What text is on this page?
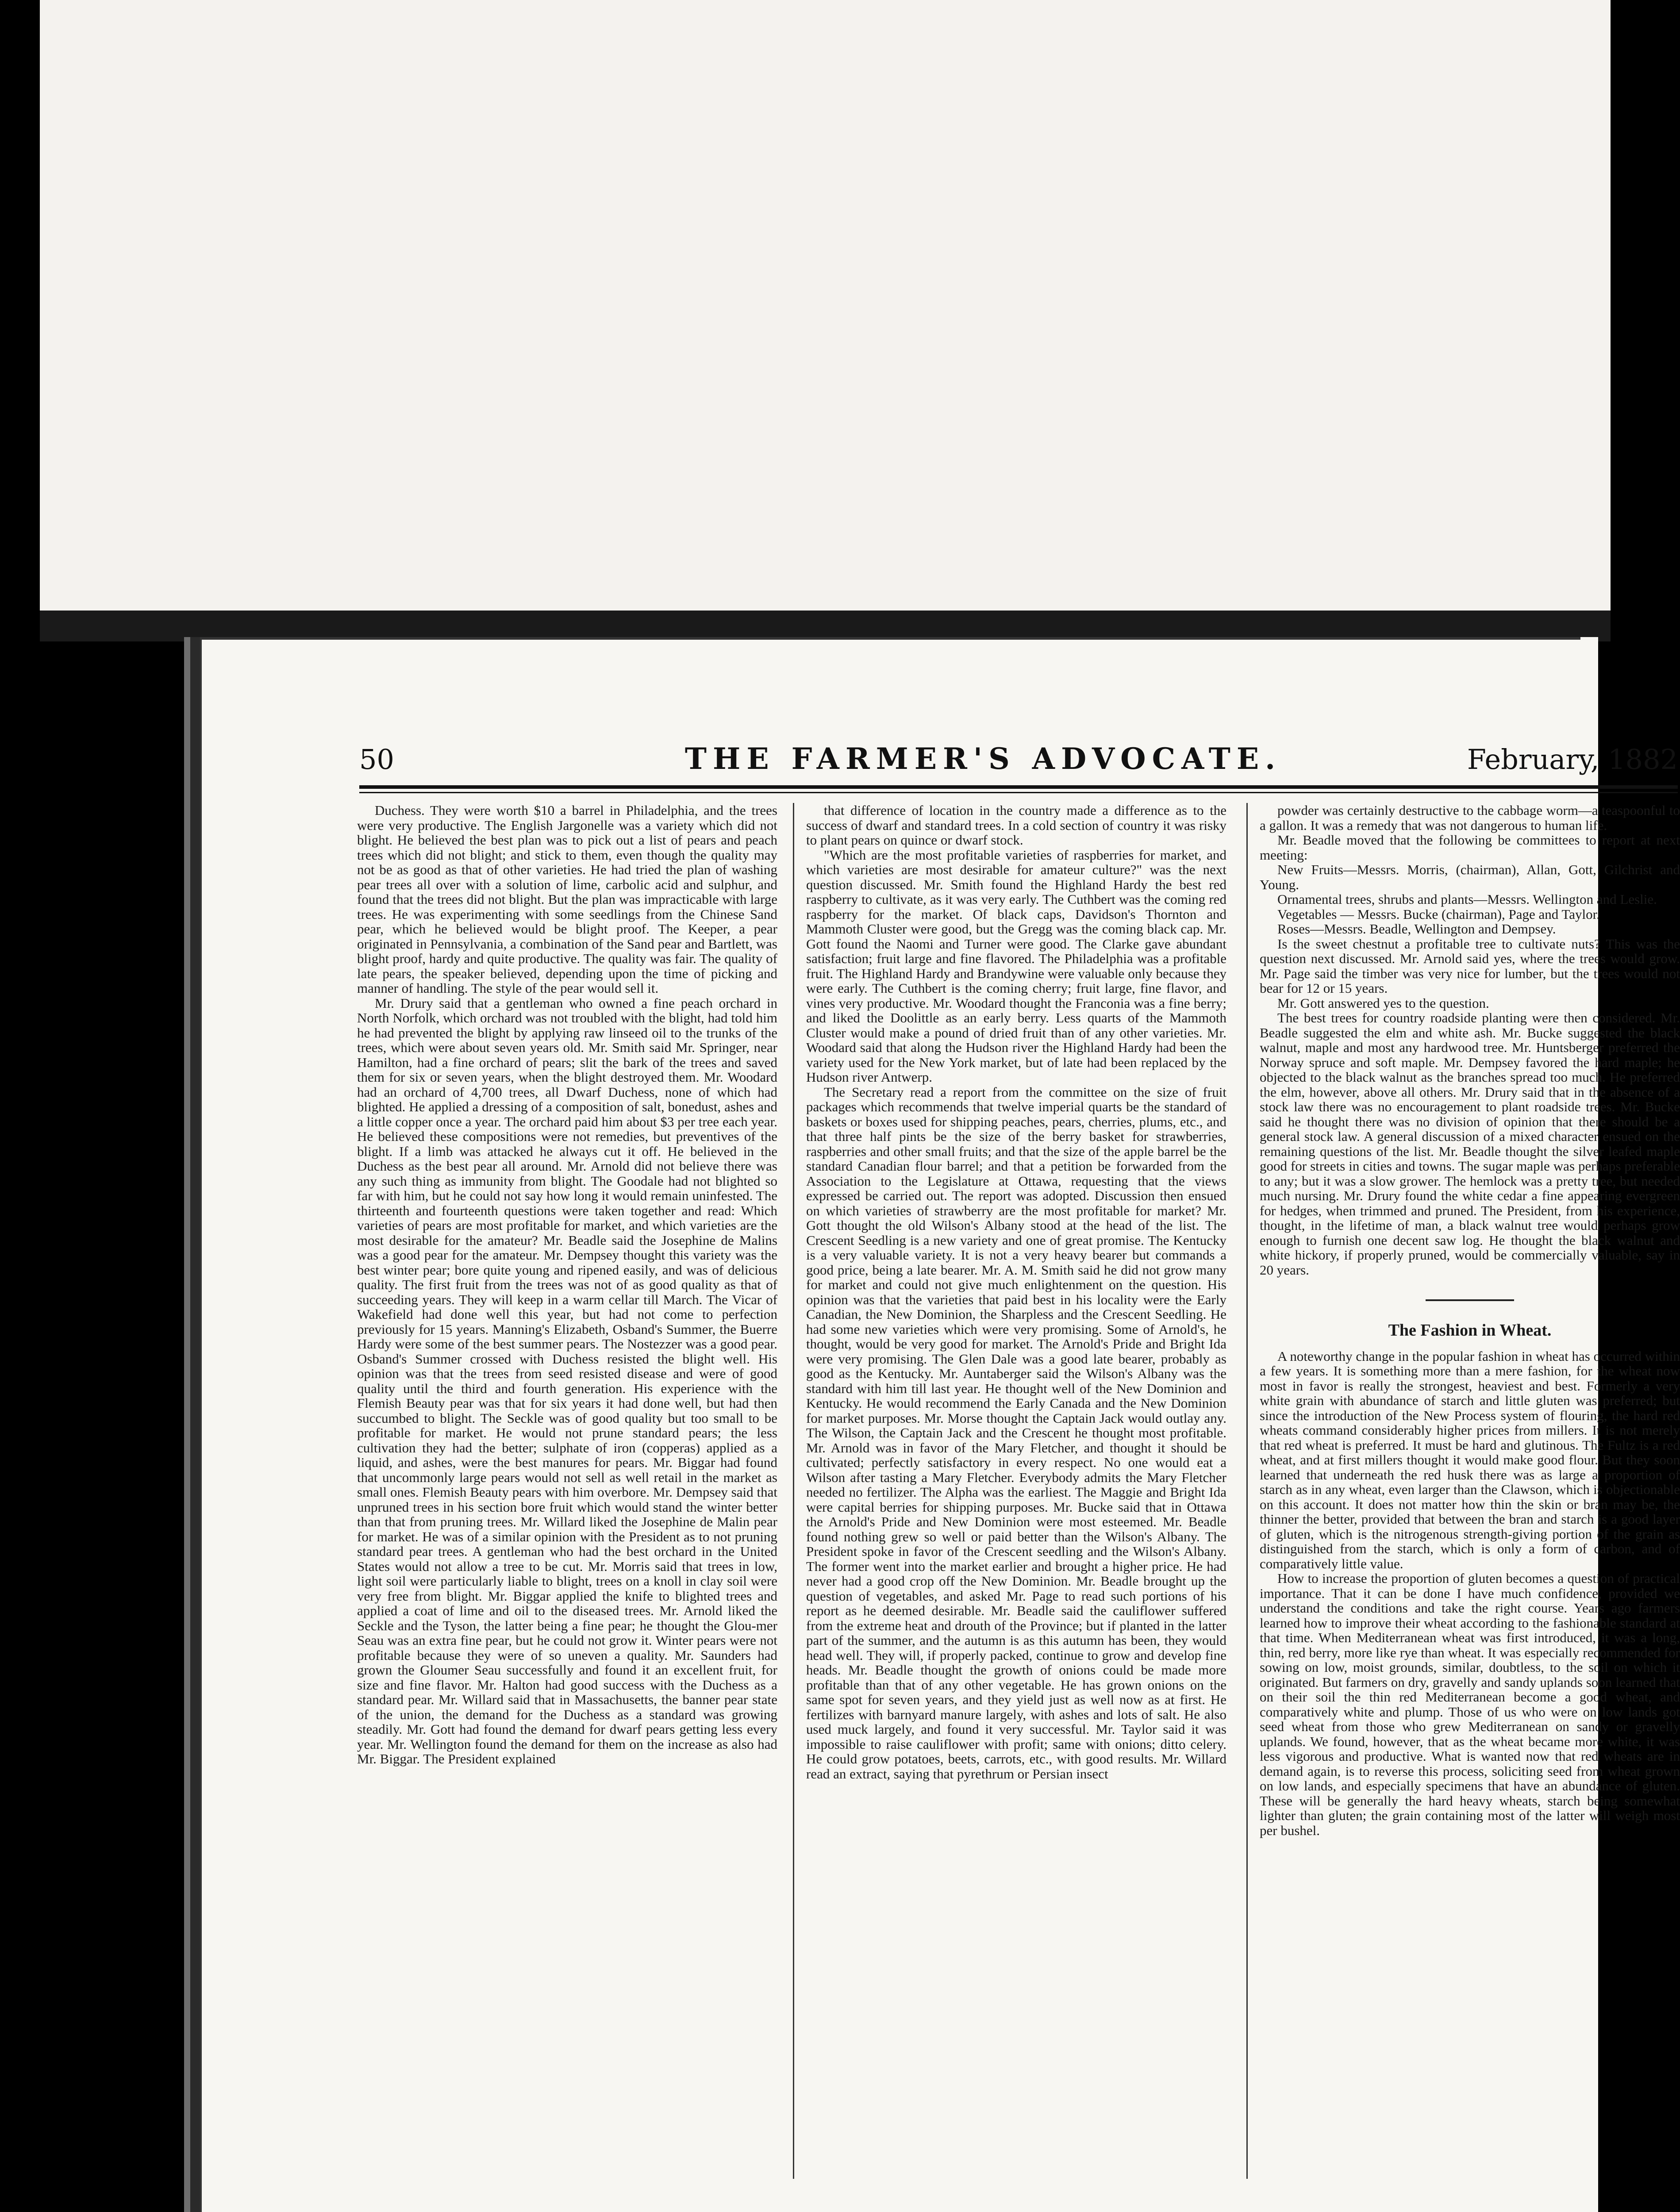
50	THE FARMER'S ADVOCATE.	February, 1882

Duchess. They were worth $10 a barrel in Philadelphia, and the trees were very productive. The English Jargonelle was a variety which did not blight. He believed the best plan was to pick out a list of pears and peach trees which did not blight; and stick to them, even though the quality may not be as good as that of other varieties. He had tried the plan of washing pear trees all over with a solution of lime, carbolic acid and sulphur, and found that the trees did not blight. But the plan was impracticable with large trees. He was experimenting with some seedlings from the Chinese Sand pear, which he believed would be blight proof. The Keeper, a pear originated in Pennsylvania, a combination of the Sand pear and Bartlett, was blight proof, hardy and quite productive. The quality was fair. The quality of late pears, the speaker believed, depending upon the time of picking and manner of handling. The style of the pear would sell it.

Mr. Drury said that a gentleman who owned a fine peach orchard in North Norfolk, which orchard was not troubled with the blight, had told him he had prevented the blight by applying raw linseed oil to the trunks of the trees, which were about seven years old. Mr. Smith said Mr. Springer, near Hamilton, had a fine orchard of pears; slit the bark of the trees and saved them for six or seven years, when the blight destroyed them. Mr. Woodard had an orchard of 4,700 trees, all Dwarf Duchess, none of which had blighted. He applied a dressing of a composition of salt, bonedust, ashes and a little copper once a year. The orchard paid him about $3 per tree each year. He believed these compositions were not remedies, but preventives of the blight. If a limb was attacked he always cut it off. He believed in the Duchess as the best pear all around. Mr. Arnold did not believe there was any such thing as immunity from blight. The Goodale had not blighted so far with him, but he could not say how long it would remain uninfested. The thirteenth and fourteenth questions were taken together and read: Which varieties of pears are most profitable for market, and which varieties are the most desirable for the amateur? Mr. Beadle said the Josephine de Malins was a good pear for the amateur. Mr. Dempsey thought this variety was the best winter pear; bore quite young and ripened easily, and was of delicious quality. The first fruit from the trees was not of as good quality as that of succeeding years. They will keep in a warm cellar till March. The Vicar of Wakefield had done well this year, but had not come to perfection previously for 15 years. Manning's Elizabeth, Osband's Summer, the Buerre Hardy were some of the best summer pears. The Nostezzer was a good pear. Osband's Summer crossed with Duchess resisted the blight well. His opinion was that the trees from seed resisted disease and were of good quality until the third and fourth generation. His experience with the Flemish Beauty pear was that for six years it had done well, but had then succumbed to blight. The Seckle was of good quality but too small to be profitable for market. He would not prune standard pears; the less cultivation they had the better; sulphate of iron (copperas) applied as a liquid, and ashes, were the best manures for pears. Mr. Biggar had found that uncommonly large pears would not sell as well retail in the market as small ones. Flemish Beauty pears with him overbore. Mr. Dempsey said that unpruned trees in his section bore fruit which would stand the winter better than that from pruning trees. Mr. Willard liked the Josephine de Malin pear for market. He was of a similar opinion with the President as to not pruning standard pear trees. A gentleman who had the best orchard in the United States would not allow a tree to be cut. Mr. Morris said that trees in low, light soil were particularly liable to blight, trees on a knoll in clay soil were very free from blight. Mr. Biggar applied the knife to blighted trees and applied a coat of lime and oil to the diseased trees. Mr. Arnold liked the Seckle and the Tyson, the latter being a fine pear; he thought the Glou-mer Seau was an extra fine pear, but he could not grow it. Winter pears were not profitable because they were of so uneven a quality. Mr. Saunders had grown the Gloumer Seau successfully and found it an excellent fruit, for size and fine flavor. Mr. Halton had good success with the Duchess as a standard pear. Mr. Willard said that in Massachusetts, the banner pear state of the union, the demand for the Duchess as a standard was growing steadily. Mr. Gott had found the demand for dwarf pears getting less every year. Mr. Wellington found the demand for them on the increase as also had Mr. Biggar. The President explained

that difference of location in the country made a difference as to the success of dwarf and standard trees. In a cold section of country it was risky to plant pears on quince or dwarf stock.

"Which are the most profitable varieties of raspberries for market, and which varieties are most desirable for amateur culture?" was the next question discussed. Mr. Smith found the Highland Hardy the best red raspberry to cultivate, as it was very early. The Cuthbert was the coming red raspberry for the market. Of black caps, Davidson's Thornton and Mammoth Cluster were good, but the Gregg was the coming black cap. Mr. Gott found the Naomi and Turner were good. The Clarke gave abundant satisfaction; fruit large and fine flavored. The Philadelphia was a profitable fruit. The Highland Hardy and Brandywine were valuable only because they were early. The Cuthbert is the coming cherry; fruit large, fine flavor, and vines very productive. Mr. Woodard thought the Franconia was a fine berry; and liked the Doolittle as an early berry. Less quarts of the Mammoth Cluster would make a pound of dried fruit than of any other varieties. Mr. Woodard said that along the Hudson river the Highland Hardy had been the variety used for the New York market, but of late had been replaced by the Hudson river Antwerp.

The Secretary read a report from the committee on the size of fruit packages which recommends that twelve imperial quarts be the standard of baskets or boxes used for shipping peaches, pears, cherries, plums, etc., and that three half pints be the size of the berry basket for strawberries, raspberries and other small fruits; and that the size of the apple barrel be the standard Canadian flour barrel; and that a petition be forwarded from the Association to the Legislature at Ottawa, requesting that the views expressed be carried out. The report was adopted. Discussion then ensued on which varieties of strawberry are the most profitable for market? Mr. Gott thought the old Wilson's Albany stood at the head of the list. The Crescent Seedling is a new variety and one of great promise. The Kentucky is a very valuable variety. It is not a very heavy bearer but commands a good price, being a late bearer. Mr. A. M. Smith said he did not grow many for market and could not give much enlightenment on the question. His opinion was that the varieties that paid best in his locality were the Early Canadian, the New Dominion, the Sharpless and the Crescent Seedling. He had some new varieties which were very promising. Some of Arnold's, he thought, would be very good for market. The Arnold's Pride and Bright Ida were very promising. The Glen Dale was a good late bearer, probably as good as the Kentucky. Mr. Auntaberger said the Wilson's Albany was the standard with him till last year. He thought well of the New Dominion and Kentucky. He would recommend the Early Canada and the New Dominion for market purposes. Mr. Morse thought the Captain Jack would outlay any. The Wilson, the Captain Jack and the Crescent he thought most profitable. Mr. Arnold was in favor of the Mary Fletcher, and thought it should be cultivated; perfectly satisfactory in every respect. No one would eat a Wilson after tasting a Mary Fletcher. Everybody admits the Mary Fletcher needed no fertilizer. The Alpha was the earliest. The Maggie and Bright Ida were capital berries for shipping purposes. Mr. Bucke said that in Ottawa the Arnold's Pride and New Dominion were most esteemed. Mr. Beadle found nothing grew so well or paid better than the Wilson's Albany. The President spoke in favor of the Crescent seedling and the Wilson's Albany. The former went into the market earlier and brought a higher price. He had never had a good crop off the New Dominion. Mr. Beadle brought up the question of vegetables, and asked Mr. Page to read such portions of his report as he deemed desirable. Mr. Beadle said the cauliflower suffered from the extreme heat and drouth of the Province; but if planted in the latter part of the summer, and the autumn is as this autumn has been, they would head well. They will, if properly packed, continue to grow and develop fine heads. Mr. Beadle thought the growth of onions could be made more profitable than that of any other vegetable. He has grown onions on the same spot for seven years, and they yield just as well now as at first. He fertilizes with barnyard manure largely, with ashes and lots of salt. He also used muck largely, and found it very successful. Mr. Taylor said it was impossible to raise cauliflower with profit; same with onions; ditto celery. He could grow potatoes, beets, carrots, etc., with good results. Mr. Willard read an extract, saying that pyrethrum or Persian insect

powder was certainly destructive to the cabbage worm—a teaspoonful to a gallon. It was a remedy that was not dangerous to human life.

Mr. Beadle moved that the following be committees to report at next meeting:

New Fruits—Messrs. Morris, (chairman), Allan, Gott, Gilchrist and Young.

Ornamental trees, shrubs and plants—Messrs. Wellington and Leslie.

Vegetables — Messrs. Bucke (chairman), Page and Taylor.

Roses—Messrs. Beadle, Wellington and Dempsey.

Is the sweet chestnut a profitable tree to cultivate nuts? This was the question next discussed. Mr. Arnold said yes, where the trees would grow. Mr. Page said the timber was very nice for lumber, but the trees would not bear for 12 or 15 years.

Mr. Gott answered yes to the question.

The best trees for country roadside planting were then considered. Mr. Beadle suggested the elm and white ash. Mr. Bucke suggested the black walnut, maple and most any hardwood tree. Mr. Huntsberger preferred the Norway spruce and soft maple. Mr. Dempsey favored the hard maple; he objected to the black walnut as the branches spread too much. He preferred the elm, however, above all others. Mr. Drury said that in the absence of a stock law there was no encouragement to plant roadside trees. Mr. Bucke said he thought there was no division of opinion that there should be a general stock law. A general discussion of a mixed character ensued on the remaining questions of the list. Mr. Beadle thought the silver leafed maple good for streets in cities and towns. The sugar maple was perhaps preferable to any; but it was a slow grower. The hemlock was a pretty tree, but needed much nursing. Mr. Drury found the white cedar a fine appearing evergreen for hedges, when trimmed and pruned. The President, from his experience, thought, in the lifetime of man, a black walnut tree would perhaps grow enough to furnish one decent saw log. He thought the black walnut and white hickory, if properly pruned, would be commercially valuable, say in 20 years.

The Fashion in Wheat.

A noteworthy change in the popular fashion in wheat has occurred within a few years. It is something more than a mere fashion, for the wheat now most in favor is really the strongest, heaviest and best. Formerly a very white grain with abundance of starch and little gluten was preferred; but since the introduction of the New Process system of flouring, the hard red wheats command considerably higher prices from millers. It is not merely that red wheat is preferred. It must be hard and glutinous. The Fultz is a red wheat, and at first millers thought it would make good flour. But they soon learned that underneath the red husk there was as large a proportion of starch as in any wheat, even larger than the Clawson, which is objectionable on this account. It does not matter how thin the skin or bran may be, the thinner the better, provided that between the bran and starch is a good layer of gluten, which is the nitrogenous strength-giving portion of the grain as distinguished from the starch, which is only a form of carbon, and of comparatively little value.

How to increase the proportion of gluten becomes a question of practical importance. That it can be done I have much confidence, provided we understand the conditions and take the right course. Years ago farmers learned how to improve their wheat according to the fashionable standard at that time. When Mediterranean wheat was first introduced, it was a long, thin, red berry, more like rye than wheat. It was especially recommended for sowing on low, moist grounds, similar, doubtless, to the soil on which it originated. But farmers on dry, gravelly and sandy uplands soon learned that on their soil the thin red Mediterranean become a good wheat, and comparatively white and plump. Those of us who were on low lands got seed wheat from those who grew Mediterranean on sandy or gravelly uplands. We found, however, that as the wheat became more white, it was less vigorous and productive. What is wanted now that red wheats are in demand again, is to reverse this process, soliciting seed from wheat grown on low lands, and especially specimens that have an abundance of gluten. These will be generally the hard heavy wheats, starch being somewhat lighter than gluten; the grain containing most of the latter will weigh most per bushel.
